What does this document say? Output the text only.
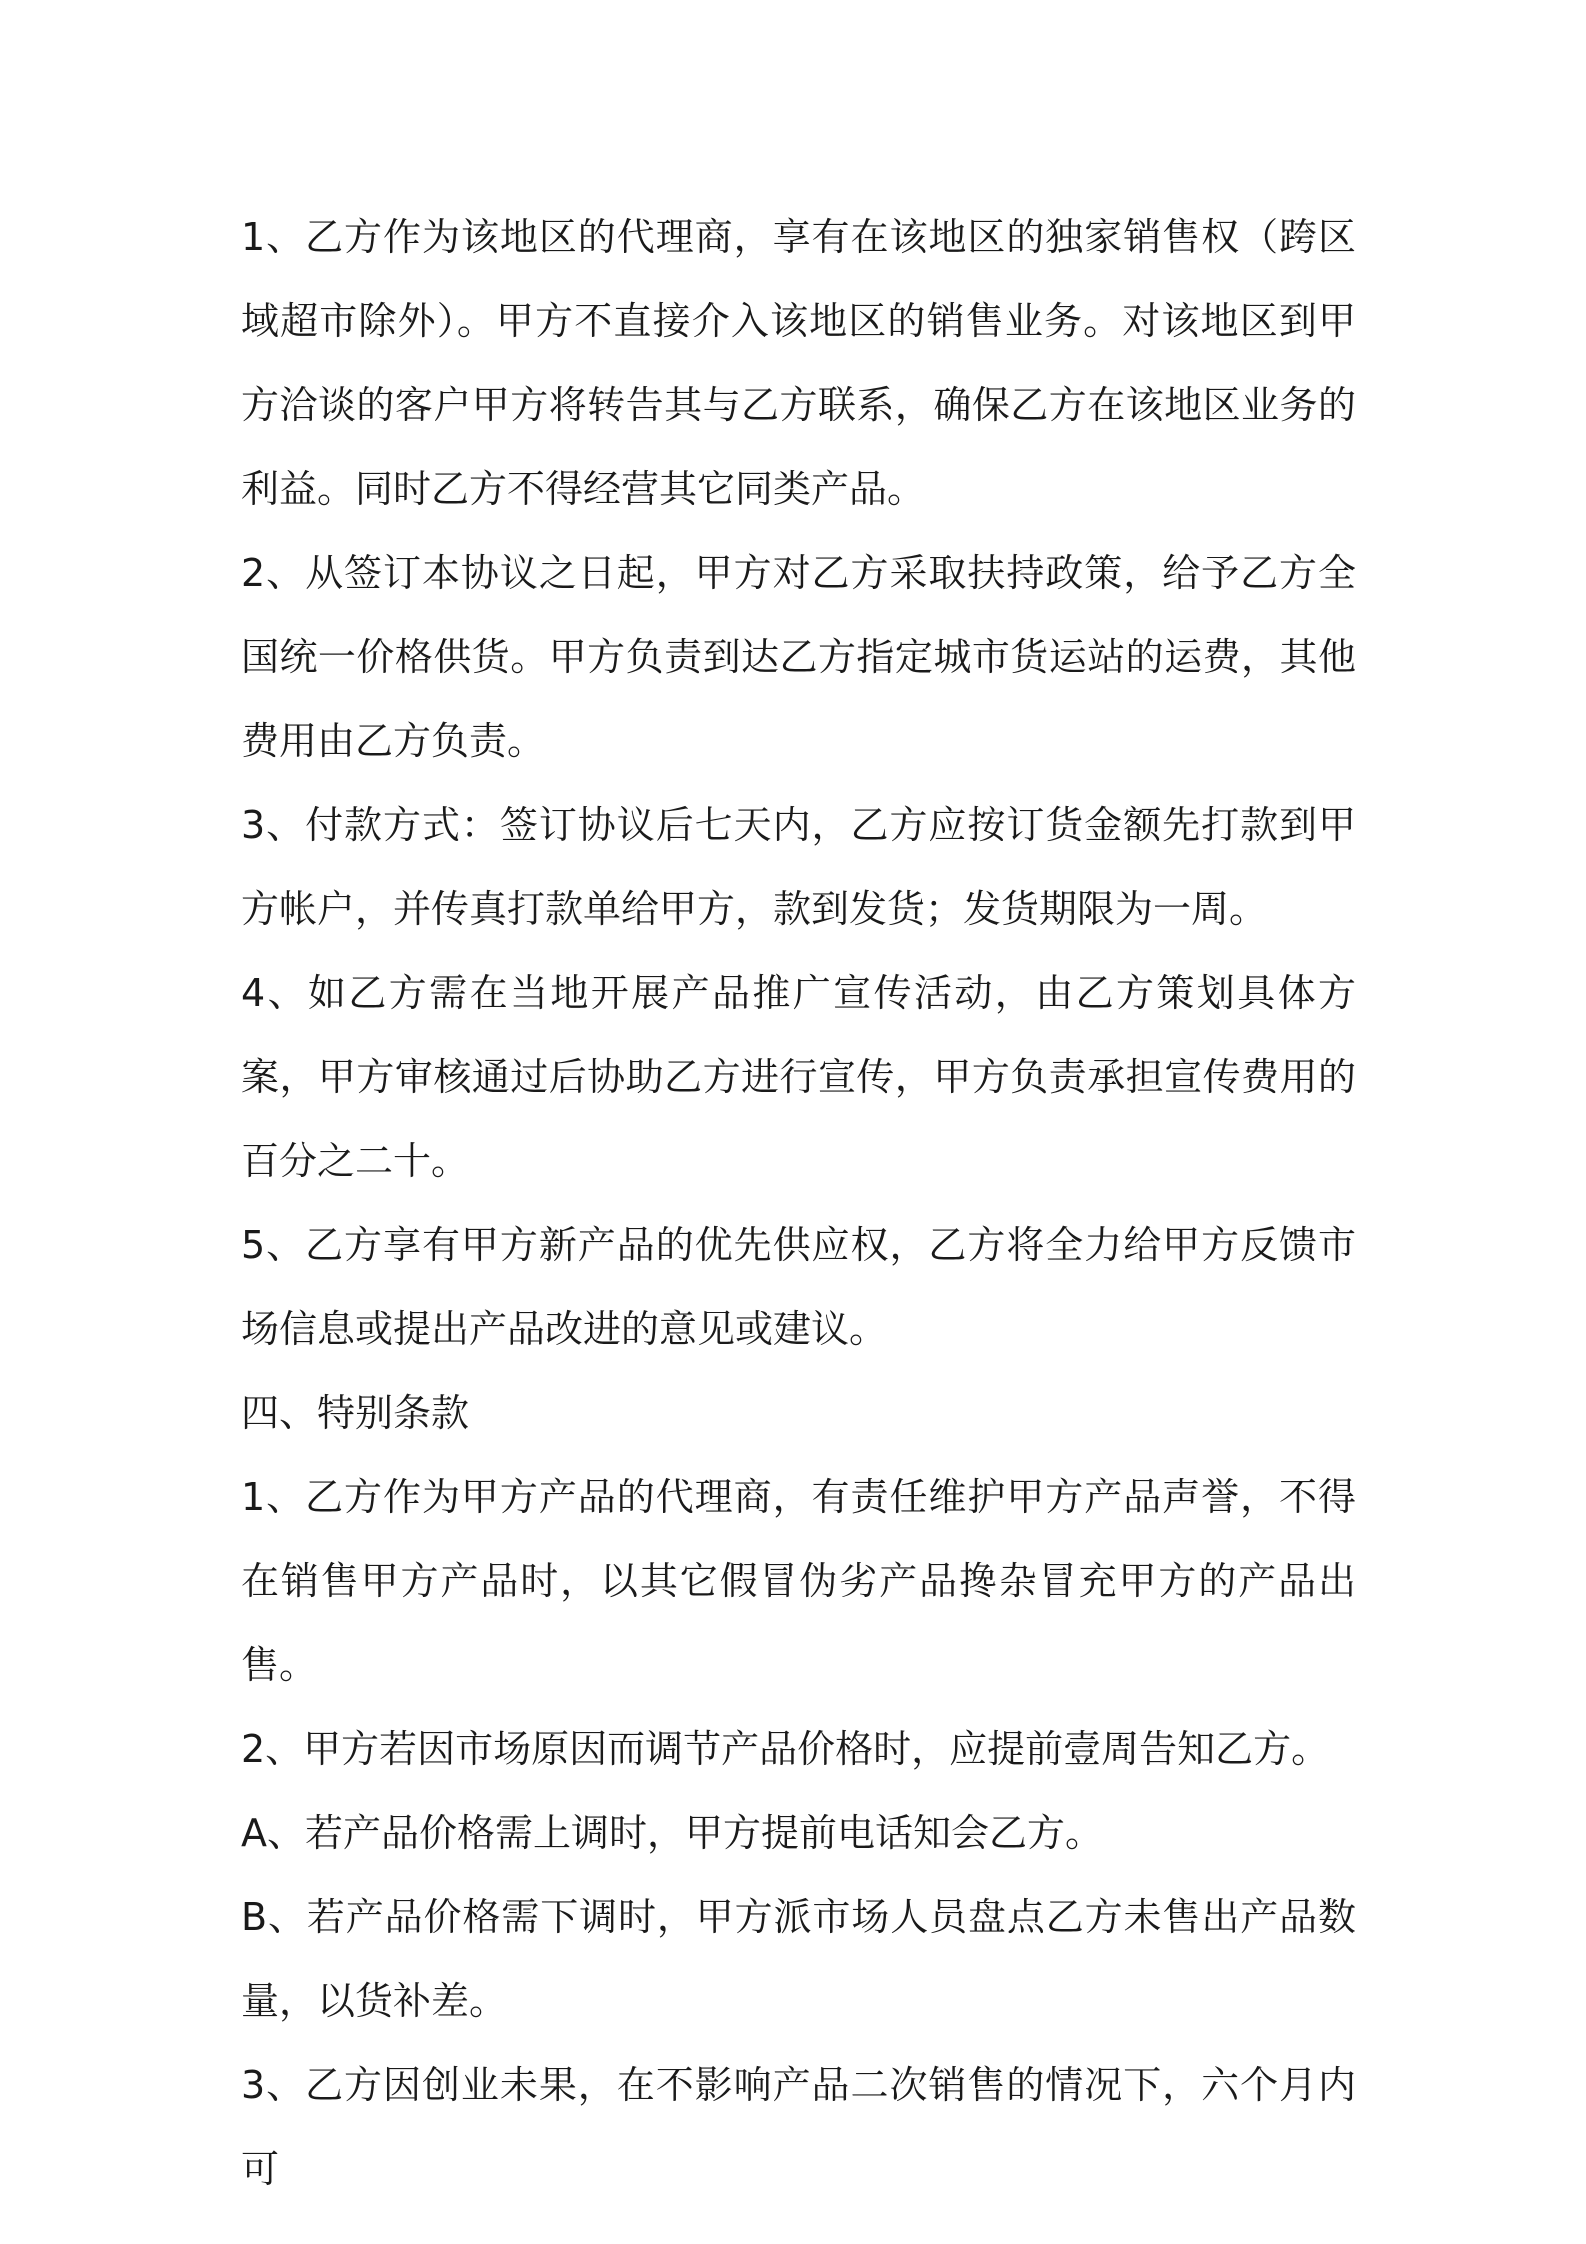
1、乙方作为该地区的代理商，享有在该地区的独家销售权（跨区域超市除外）。甲方不直接介入该地区的销售业务。对该地区到甲方洽谈的客户甲方将转告其与乙方联系，确保乙方在该地区业务的利益。同时乙方不得经营其它同类产品。

2、从签订本协议之日起，甲方对乙方采取扶持政策，给予乙方全国统一价格供货。甲方负责到达乙方指定城市货运站的运费，其他费用由乙方负责。

3、付款方式：签订协议后七天内，乙方应按订货金额先打款到甲方帐户，并传真打款单给甲方，款到发货；发货期限为一周。

4、如乙方需在当地开展产品推广宣传活动，由乙方策划具体方案，甲方审核通过后协助乙方进行宣传，甲方负责承担宣传费用的百分之二十。

5、乙方享有甲方新产品的优先供应权，乙方将全力给甲方反馈市场信息或提出产品改进的意见或建议。

四、特别条款

1、乙方作为甲方产品的代理商，有责任维护甲方产品声誉，不得在销售甲方产品时，以其它假冒伪劣产品搀杂冒充甲方的产品出售。

2、甲方若因市场原因而调节产品价格时，应提前壹周告知乙方。

A、若产品价格需上调时，甲方提前电话知会乙方。

B、若产品价格需下调时，甲方派市场人员盘点乙方未售出产品数量，以货补差。

3、乙方因创业未果，在不影响产品二次销售的情况下，六个月内可
